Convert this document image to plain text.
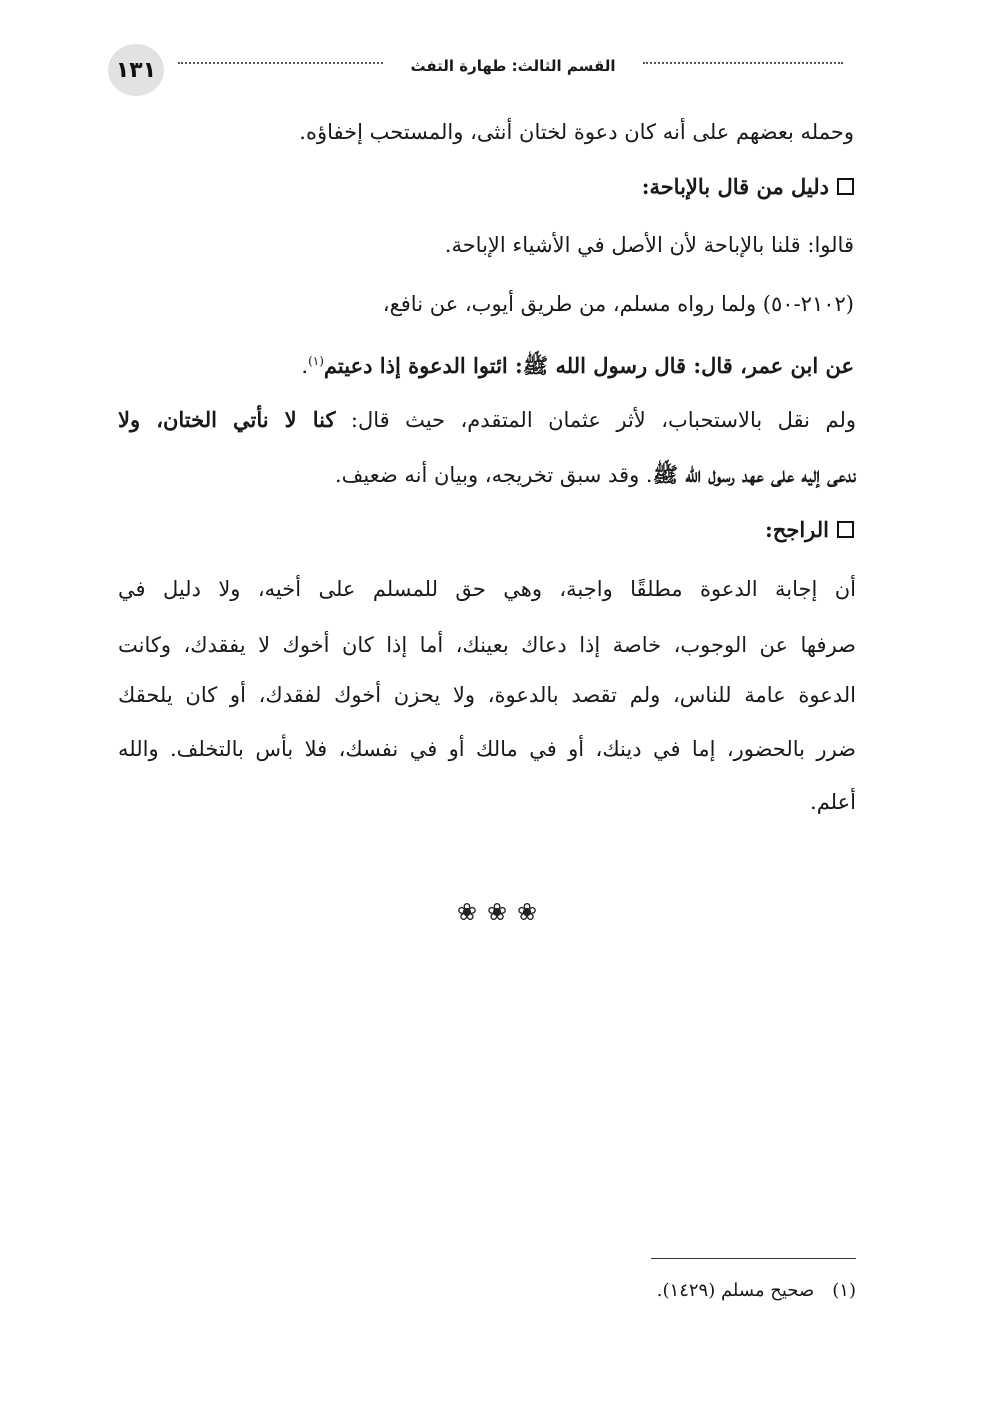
١٣١	القسم الثالث: طهارة التفث
وحمله بعضهم على أنه كان دعوة لختان أنثى، والمستحب إخفاؤه.
دليل من قال بالإباحة:
قالوا: قلنا بالإباحة لأن الأصل في الأشياء الإباحة.
(٢١٠٢-٥٠) ولما رواه مسلم، من طريق أيوب، عن نافع،
عن ابن عمر، قال: قال رسول الله ﷺ: ائتوا الدعوة إذا دعيتم$^{(١)}$.
ولم نقل بالاستحباب، لأثر عثمان المتقدم، حيث قال: كنا لا نأتي الختان، ولا
ندعى إليه على عهد رسول الله ﷺ. وقد سبق تخريجه، وبيان أنه ضعيف.
الراجح:
أن إجابة الدعوة مطلقًا واجبة، وهي حق للمسلم على أخيه، ولا دليل في
صرفها عن الوجوب، خاصة إذا دعاك بعينك، أما إذا كان أخوك لا يفقدك، وكانت
الدعوة عامة للناس، ولم تقصد بالدعوة، ولا يحزن أخوك لفقدك، أو كان يلحقك
ضرر بالحضور، إما في دينك، أو في مالك أو في نفسك، فلا بأس بالتخلف. والله
أعلم.
❀❀❀
(١)صحيح مسلم (١٤٢٩).
